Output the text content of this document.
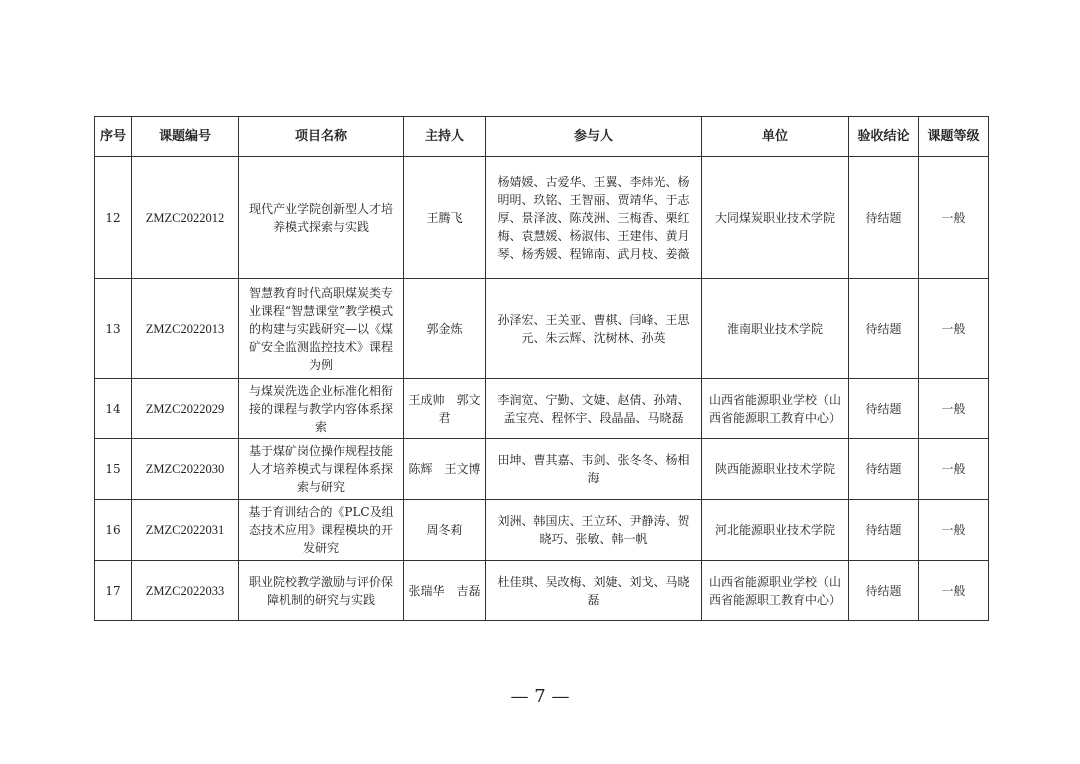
序号	课题编号	项目名称	主持人	参与人	单位	验收结论	课题等级
12	ZMZC2022012	现代产业学院创新型人才培养模式探索与实践	王腾飞	杨婧媛、古爱华、王翼、李炜光、杨明明、玖铭、王智丽、贾靖华、于志厚、景泽波、陈茂洲、三梅香、栗红梅、袁慧媛、杨淑伟、王建伟、黄月琴、杨秀媛、程锦南、武月枝、姜薇	大同煤炭职业技术学院	待结题	一般
13	ZMZC2022013	智慧教育时代高职煤炭类专业课程“智慧课堂”教学模式的构建与实践研究—以《煤矿安全监测监控技术》课程为例	郭金炼	孙泽宏、王关亚、曹棋、闫峰、王思元、朱云辉、沈树林、孙英	淮南职业技术学院	待结题	一般
14	ZMZC2022029	与煤炭洗选企业标准化相衔接的课程与教学内容体系探索	王成帅　郭文君	李润宽、宁勤、文婕、赵倩、孙靖、孟宝亮、程怀宇、段晶晶、马晓磊	山西省能源职业学校（山西省能源职工教育中心）	待结题	一般
15	ZMZC2022030	基于煤矿岗位操作规程技能人才培养模式与课程体系探索与研究	陈辉　王文博	田坤、曹其嘉、韦剑、张冬冬、杨相海	陕西能源职业技术学院	待结题	一般
16	ZMZC2022031	基于育训结合的《PLC及组态技术应用》课程模块的开发研究	周冬莉	刘洲、韩国庆、王立环、尹静涛、贺晓巧、张敏、韩一帆	河北能源职业技术学院	待结题	一般
17	ZMZC2022033	职业院校教学激励与评价保障机制的研究与实践	张瑞华　吉磊	杜佳琪、吴改梅、刘婕、刘戈、马晓磊	山西省能源职业学校（山西省能源职工教育中心）	待结题	一般
— 7 —
